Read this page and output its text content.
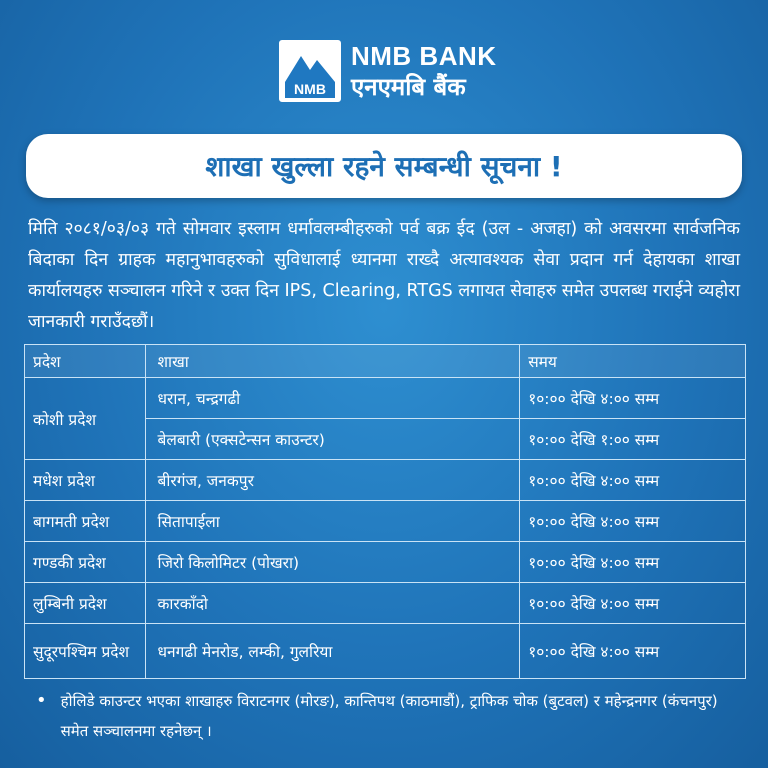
NMB
NMB BANK
एनएमबि बैंक
शाखा खुल्ला रहने सम्बन्धी सूचना !
मिति २०८१/०३/०३ गते सोमवार इस्लाम धर्मावलम्बीहरुको पर्व बक्र ईद (उल - अजहा) को अवसरमा सार्वजनिक बिदाका दिन ग्राहक महानुभावहरुको सुविधालाई ध्यानमा राख्दै अत्यावश्यक सेवा प्रदान गर्न देहायका शाखा कार्यालयहरु सञ्चालन गरिने र उक्त दिन IPS, Clearing, RTGS लगायत सेवाहरु समेत उपलब्ध गराईने व्यहोरा जानकारी गराउँदछौं।
प्रदेश	शाखा	समय
कोशी प्रदेश	धरान, चन्द्रगढी	१०:०० देखि ४:०० सम्म
	बेलबारी (एक्सटेन्सन काउन्टर)	१०:०० देखि १:०० सम्म
मधेश प्रदेश	बीरगंज, जनकपुर	१०:०० देखि ४:०० सम्म
बागमती प्रदेश	सितापाईला	१०:०० देखि ४:०० सम्म
गण्डकी प्रदेश	जिरो किलोमिटर (पोखरा)	१०:०० देखि ४:०० सम्म
लुम्बिनी प्रदेश	कारकाँदो	१०:०० देखि ४:०० सम्म
सुदूरपश्चिम प्रदेश	धनगढी मेनरोड, लम्की, गुलरिया	१०:०० देखि ४:०० सम्म
• होलिडे काउन्टर भएका शाखाहरु विराटनगर (मोरङ), कान्तिपथ (काठमाडौं), ट्राफिक चोक (बुटवल) र महेन्द्रनगर (कंचनपुर) समेत सञ्चालनमा रहनेछन् ।
